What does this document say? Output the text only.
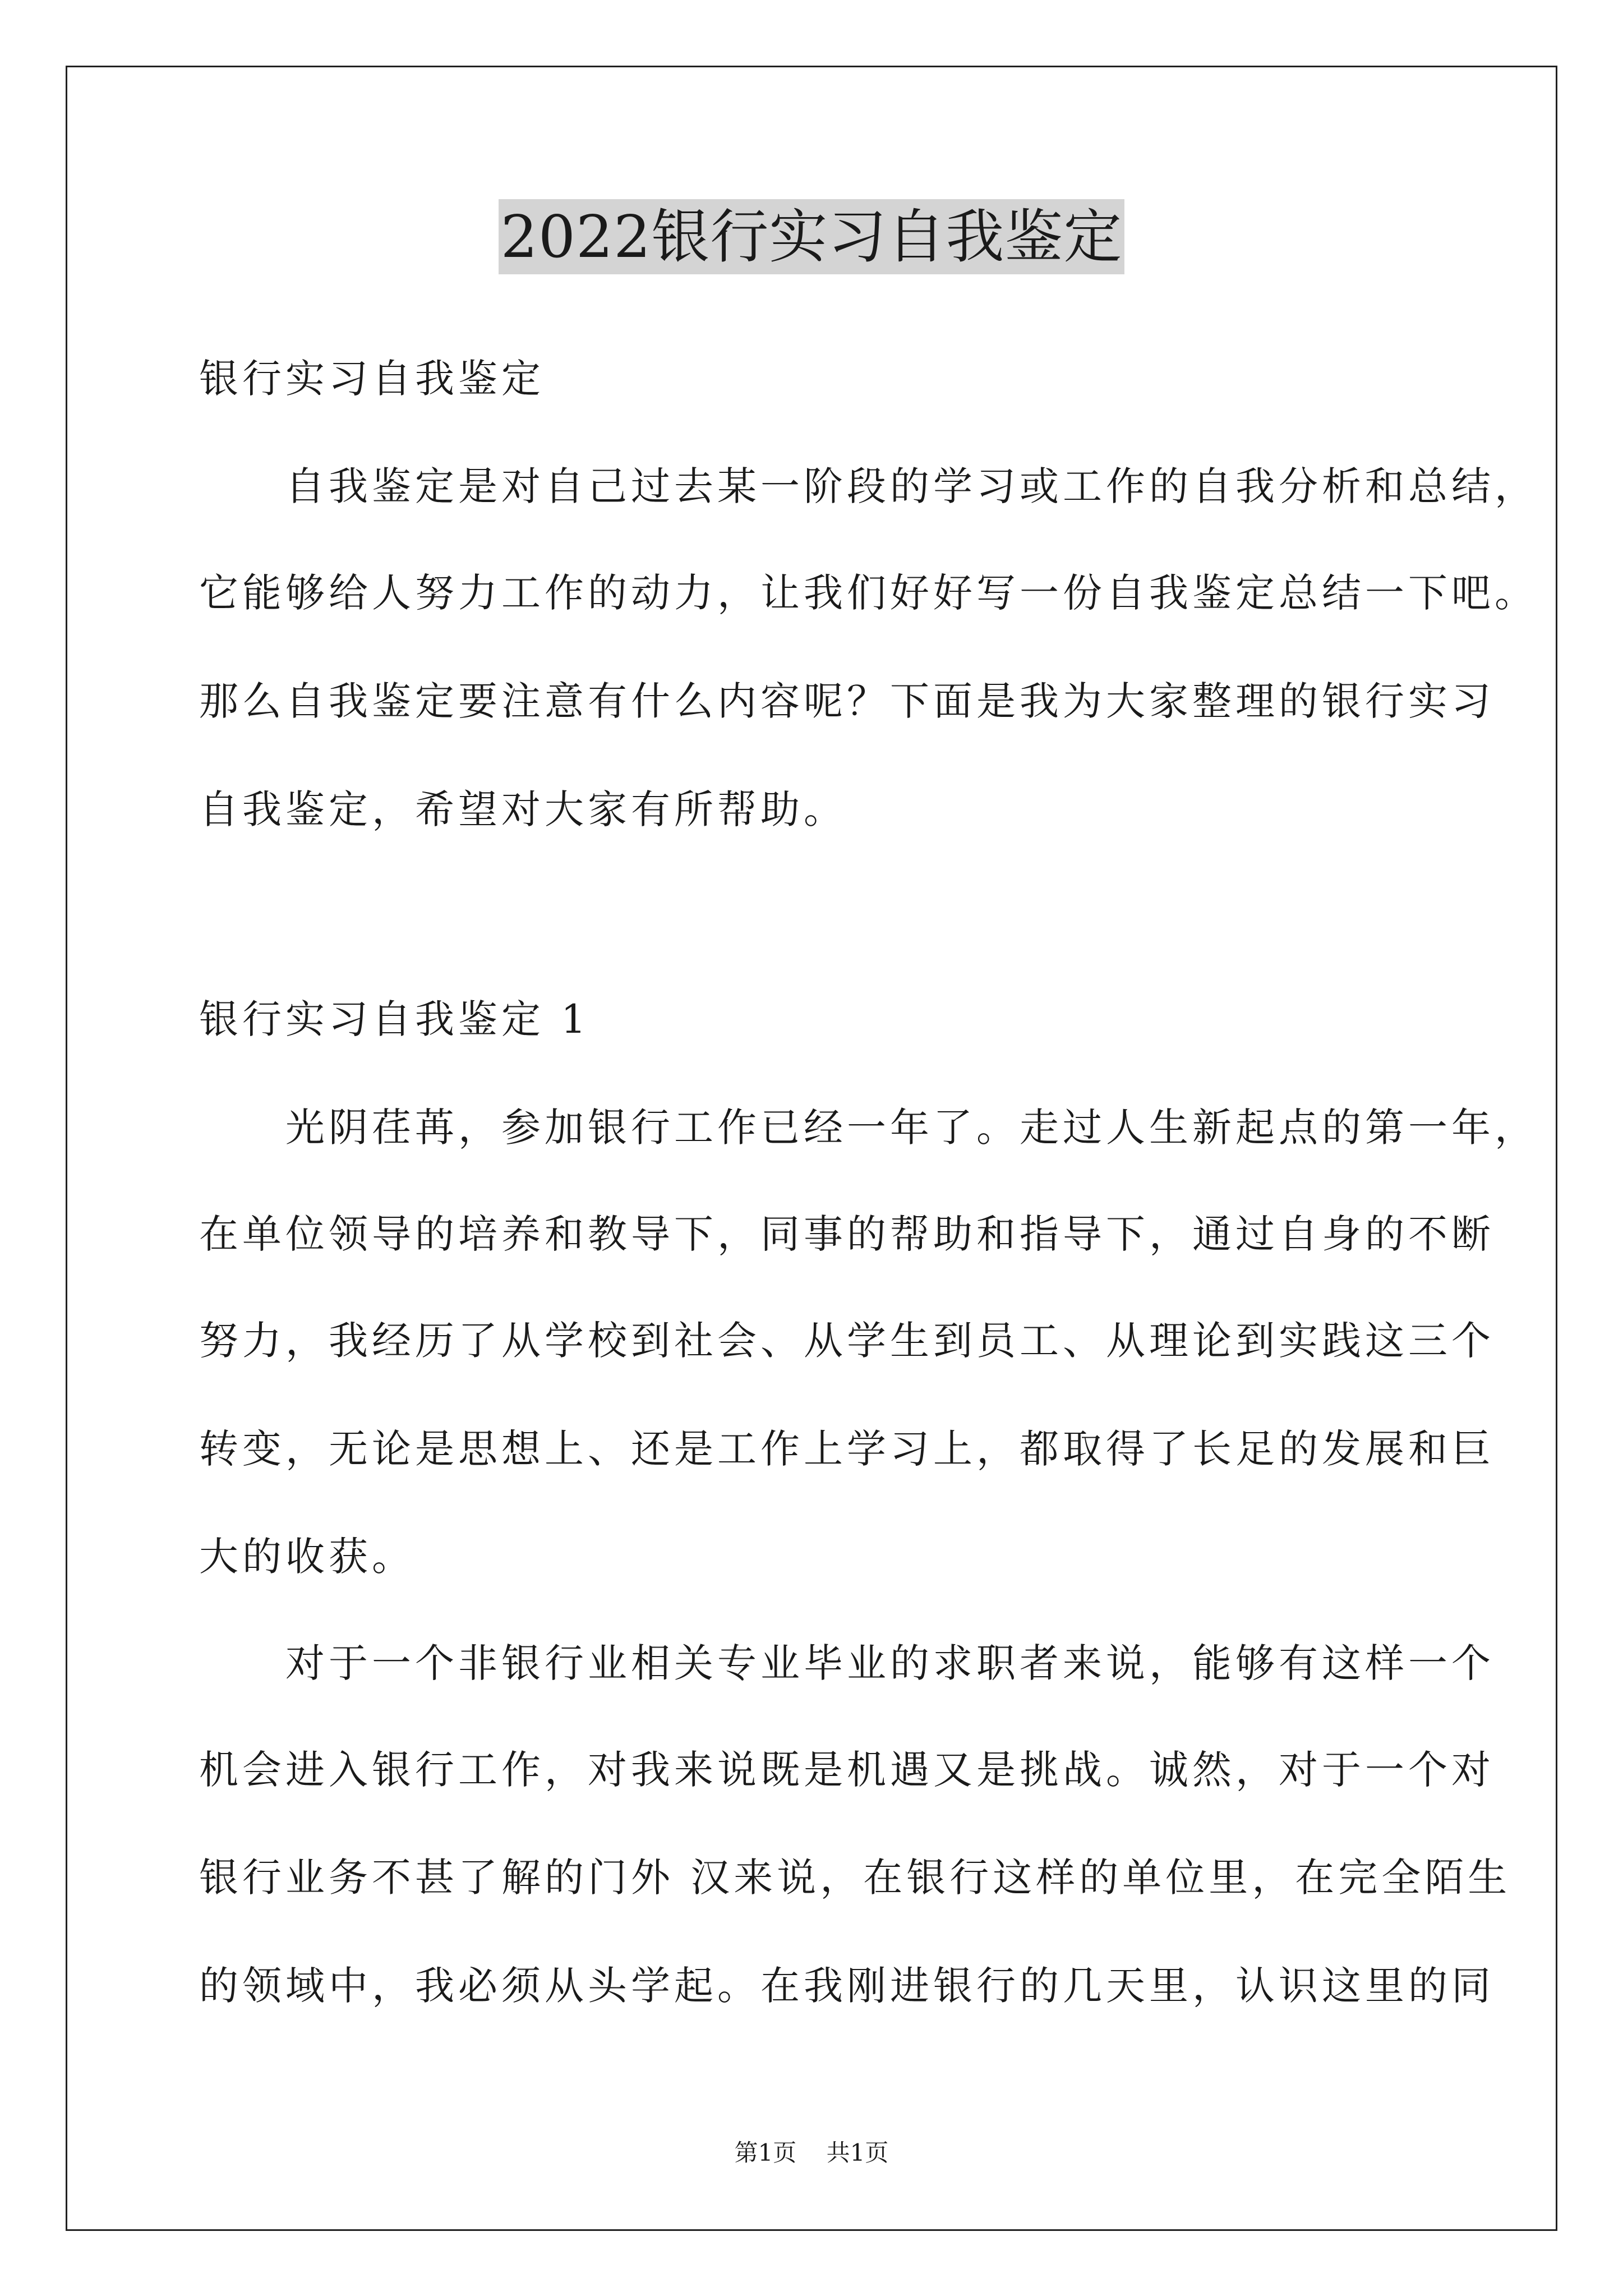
2022银行实习自我鉴定
银行实习自我鉴定
　　自我鉴定是对自己过去某一阶段的学习或工作的自我分析和总结，
它能够给人努力工作的动力，让我们好好写一份自我鉴定总结一下吧。
那么自我鉴定要注意有什么内容呢？下面是我为大家整理的银行实习
自我鉴定，希望对大家有所帮助。
银行实习自我鉴定 1
　　光阴荏苒，参加银行工作已经一年了。走过人生新起点的第一年，
在单位领导的培养和教导下，同事的帮助和指导下，通过自身的不断
努力，我经历了从学校到社会、从学生到员工、从理论到实践这三个
转变，无论是思想上、还是工作上学习上，都取得了长足的发展和巨
大的收获。
　　对于一个非银行业相关专业毕业的求职者来说，能够有这样一个
机会进入银行工作，对我来说既是机遇又是挑战。诚然，对于一个对
银行业务不甚了解的门外 汉来说，在银行这样的单位里，在完全陌生
的领域中，我必须从头学起。在我刚进银行的几天里，认识这里的同
第1页 共1页
